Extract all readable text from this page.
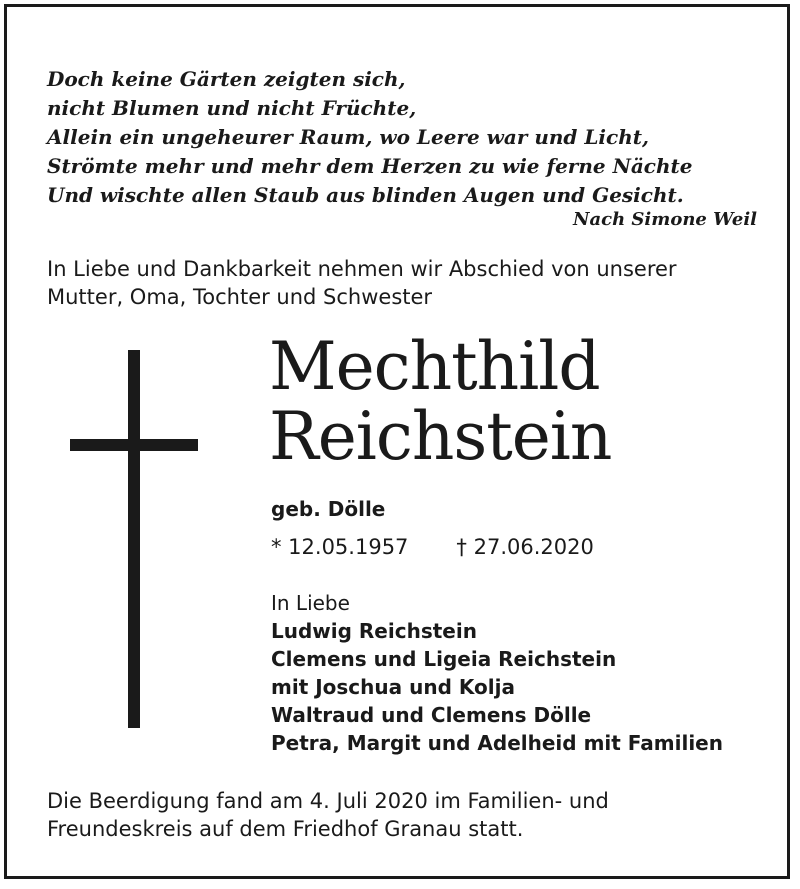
Doch keine Gärten zeigten sich,
nicht Blumen und nicht Früchte,
Allein ein ungeheurer Raum, wo Leere war und Licht,
Strömte mehr und mehr dem Herzen zu wie ferne Nächte
Und wischte allen Staub aus blinden Augen und Gesicht.
Nach Simone Weil
In Liebe und Dankbarkeit nehmen wir Abschied von unserer
Mutter, Oma, Tochter und Schwester
Mechthild
Reichstein
geb. Dölle
* 12.05.1957 † 27.06.2020
In Liebe
Ludwig Reichstein
Clemens und Ligeia Reichstein
mit Joschua und Kolja
Waltraud und Clemens Dölle
Petra, Margit und Adelheid mit Familien
Die Beerdigung fand am 4. Juli 2020 im Familien- und
Freundeskreis auf dem Friedhof Granau statt.
